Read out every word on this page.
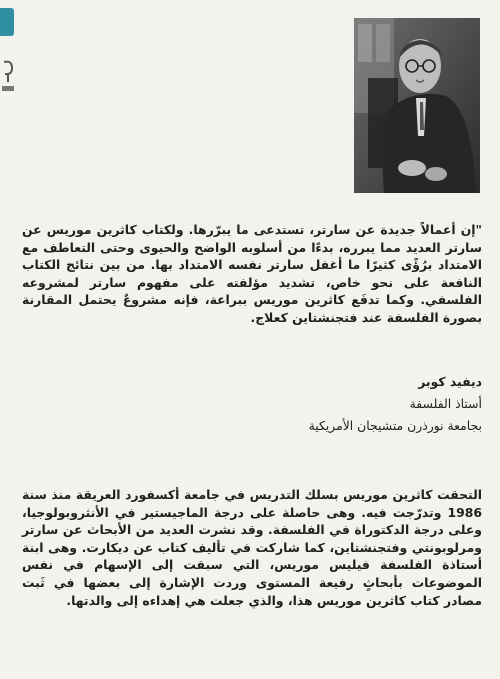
"إن أعمالاً جديدة عن سارتر، تستدعى ما يبرّرها. ولكتاب كاثرين موريس عن سارتر العديد مما يبرره، بدءًا من أسلوبه الواضح والحيوى وحتى التعاطف مع الامتداد برُؤًى كثيرًا ما أغفل سارتر نفسه الامتداد بها. من بين نتائج الكتاب النافعة على نحو خاص، تشديد مؤلفته على مفهوم سارتر لمشروعه الفلسفي. وكما تدفَع كاثرين موريس ببراعة، فإنه مشروعٌ يحتمل المقارنة بصورة الفلسفة عند فتجنشتاين كعلاج.
ديفيد كوبر
أستاذ الفلسفة
بجامعة نورذرن متشيجان الأمريكية
التحقت كاثرين موريس بسلك التدريس في جامعة أكسفورد العريقة منذ سنة 1986 وتدرّجت فيه. وهى حاصلة على درجة الماجيستير في الأنثروبولوجيا، وعلى درجة الدكتوراة في الفلسفة. وقد نشرت العديد من الأبحاث عن سارتر ومرلوبونتي وفتجنشتاين، كما شاركت في تأليف كتاب عن ديكارت. وهى ابنة أستاذة الفلسفة فيليس موريس، التي سبقت إلى الإسهام في نفس الموضوعات بأبحاثٍ رفيعة المستوى وردت الإشارة إلى بعضها في ثَبت مصادر كتاب كاثرين موريس هذا، والذي جعلت هي إهداءه إلى والدتها.
